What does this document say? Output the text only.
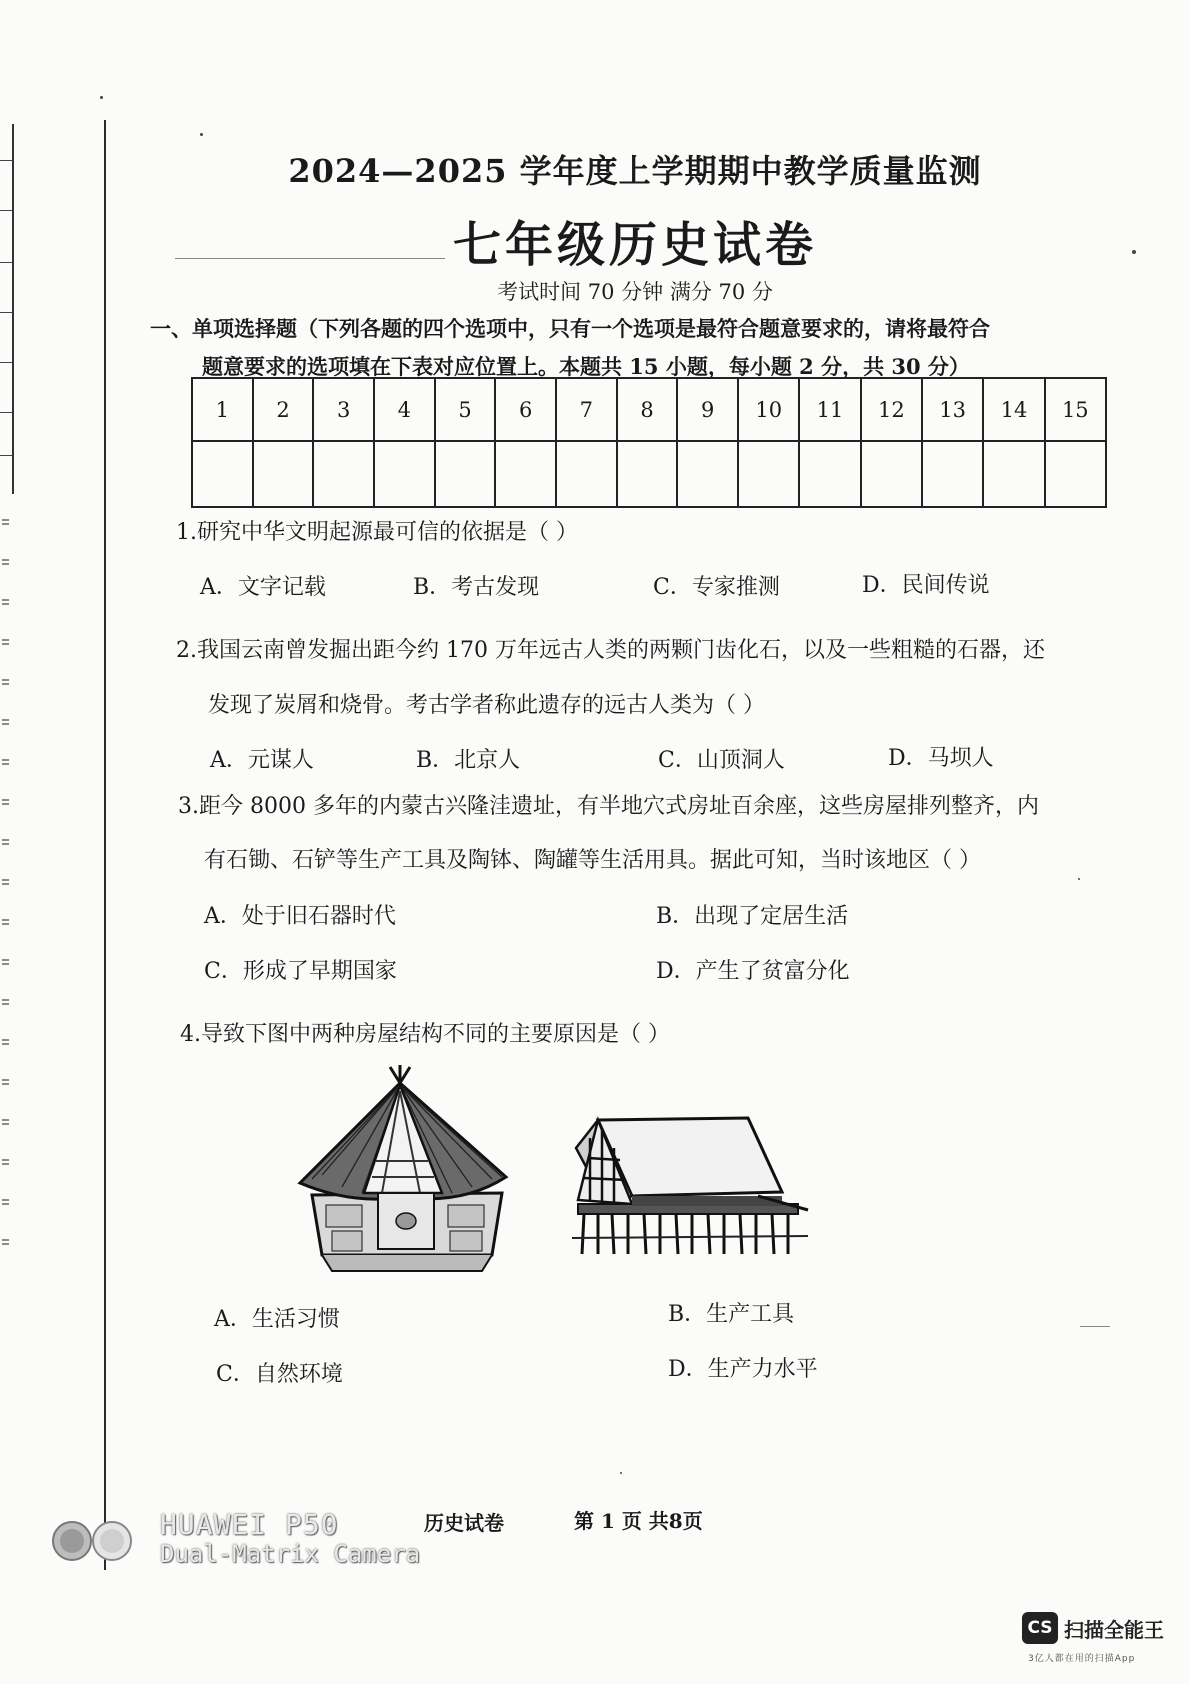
2024—2025 学年度上学期期中教学质量监测
七年级历史试卷
考试时间 70 分钟 满分 70 分
一、单项选择题（下列各题的四个选项中，只有一个选项是最符合题意要求的，请将最符合
题意要求的选项填在下表对应位置上。本题共 15 小题，每小题 2 分，共 30 分）
1	2	3	4	5	6	7	8	9	10	11	12	13	14	15

1.研究中华文明起源最可信的依据是（ ）
A．文字记载	B．考古发现	C．专家推测	D．民间传说
2.我国云南曾发掘出距今约 170 万年远古人类的两颗门齿化石，以及一些粗糙的石器，还
发现了炭屑和烧骨。考古学者称此遗存的远古人类为（ ）
A．元谋人	B．北京人	C．山顶洞人	D．马坝人
3.距今 8000 多年的内蒙古兴隆洼遗址，有半地穴式房址百余座，这些房屋排列整齐，内
有石锄、石铲等生产工具及陶钵、陶罐等生活用具。据此可知，当时该地区（ ）
A．处于旧石器时代	B．出现了定居生活
C．形成了早期国家	D．产生了贫富分化
4.导致下图中两种房屋结构不同的主要原因是（ ）
A．生活习惯	B．生产工具
C．自然环境	D．生产力水平
历史试卷	第 1 页 共8页
HUAWEI P50
Dual-Matrix Camera
CS 扫描全能王
3亿人都在用的扫描App
